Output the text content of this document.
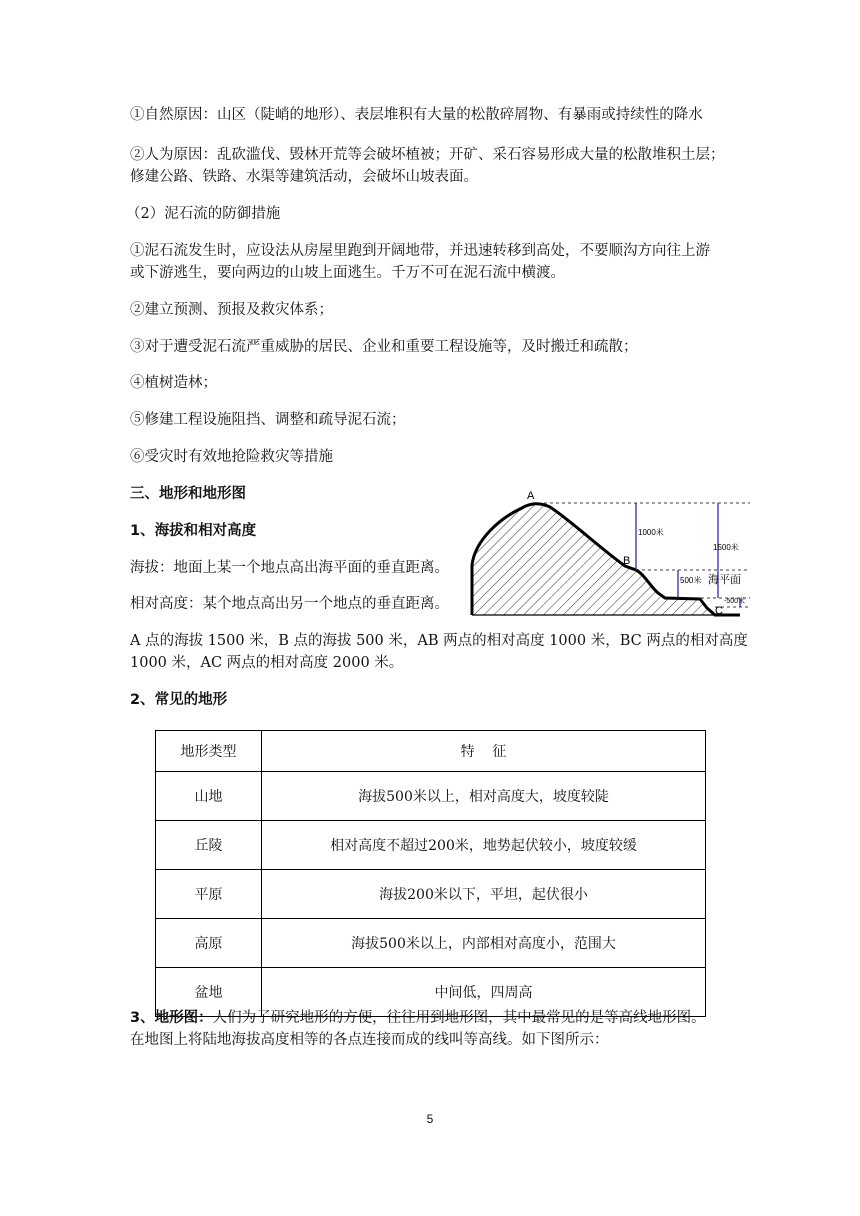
①自然原因：山区（陡峭的地形）、表层堆积有大量的松散碎屑物、有暴雨或持续性的降水
②人为原因：乱砍滥伐、毁林开荒等会破坏植被；开矿、采石容易形成大量的松散堆积土层；
修建公路、铁路、水渠等建筑活动，会破坏山坡表面。
（2）泥石流的防御措施
①泥石流发生时，应设法从房屋里跑到开阔地带，并迅速转移到高处，不要顺沟方向往上游
或下游逃生，要向两边的山坡上面逃生。千万不可在泥石流中横渡。
②建立预测、预报及救灾体系；
③对于遭受泥石流严重威胁的居民、企业和重要工程设施等，及时搬迁和疏散；
④植树造林；
⑤修建工程设施阻挡、调整和疏导泥石流；
⑥受灾时有效地抢险救灾等措施
三、地形和地形图
1、海拔和相对高度
海拔：地面上某一个地点高出海平面的垂直距离。
相对高度：某个地点高出另一个地点的垂直距离。
A
B
C
1000米
1500米
500米 海平面
-500米
A 点的海拔 1500 米，B 点的海拔 500 米，AB 两点的相对高度 1000 米，BC 两点的相对高度
1000 米，AC 两点的相对高度 2000 米。
2、常见的地形
地形类型	特    征
山地	海拔500米以上，相对高度大，坡度较陡
丘陵	相对高度不超过200米，地势起伏较小，坡度较缓
平原	海拔200米以下，平坦，起伏很小
高原	海拔500米以上，内部相对高度小，范围大
盆地	中间低，四周高
3、地形图：人们为了研究地形的方便，往往用到地形图，其中最常见的是等高线地形图。
在地图上将陆地海拔高度相等的各点连接而成的线叫等高线。如下图所示：
5
